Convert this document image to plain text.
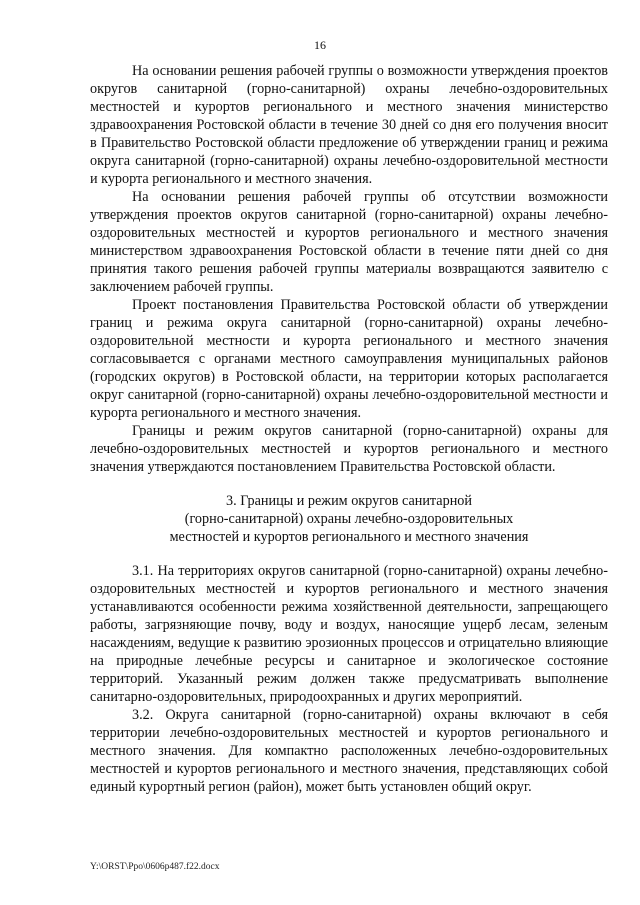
16

На основании решения рабочей группы о возможности утверждения проектов округов санитарной (горно-санитарной) охраны лечебно-оздоровительных местностей и курортов регионального и местного значения министерство здравоохранения Ростовской области в течение 30 дней со дня его получения вносит в Правительство Ростовской области предложение об утверждении границ и режима округа санитарной (горно-санитарной) охраны лечебно-оздоровительной местности и курорта регионального и местного значения.

На основании решения рабочей группы об отсутствии возможности утверждения проектов округов санитарной (горно-санитарной) охраны лечебно-оздоровительных местностей и курортов регионального и местного значения министерством здравоохранения Ростовской области в течение пяти дней со дня принятия такого решения рабочей группы материалы возвращаются заявителю с заключением рабочей группы.

Проект постановления Правительства Ростовской области об утверждении границ и режима округа санитарной (горно-санитарной) охраны лечебно-оздоровительной местности и курорта регионального и местного значения согласовывается с органами местного самоуправления муниципальных районов (городских округов) в Ростовской области, на территории которых располагается округ санитарной (горно-санитарной) охраны лечебно-оздоровительной местности и курорта регионального и местного значения.

Границы и режим округов санитарной (горно-санитарной) охраны для лечебно-оздоровительных местностей и курортов регионального и местного значения утверждаются постановлением Правительства Ростовской области.

3. Границы и режим округов санитарной
(горно-санитарной) охраны лечебно-оздоровительных
местностей и курортов регионального и местного значения

3.1. На территориях округов санитарной (горно-санитарной) охраны лечебно-оздоровительных местностей и курортов регионального и местного значения устанавливаются особенности режима хозяйственной деятельности, запрещающего работы, загрязняющие почву, воду и воздух, наносящие ущерб лесам, зеленым насаждениям, ведущие к развитию эрозионных процессов и отрицательно влияющие на природные лечебные ресурсы и санитарное и экологическое состояние территорий. Указанный режим должен также предусматривать выполнение санитарно-оздоровительных, природоохранных и других мероприятий.

3.2. Округа санитарной (горно-санитарной) охраны включают в себя территории лечебно-оздоровительных местностей и курортов регионального и местного значения. Для компактно расположенных лечебно-оздоровительных местностей и курортов регионального и местного значения, представляющих собой единый курортный регион (район), может быть установлен общий округ.

Y:\ORST\Ppo\0606p487.f22.docx
